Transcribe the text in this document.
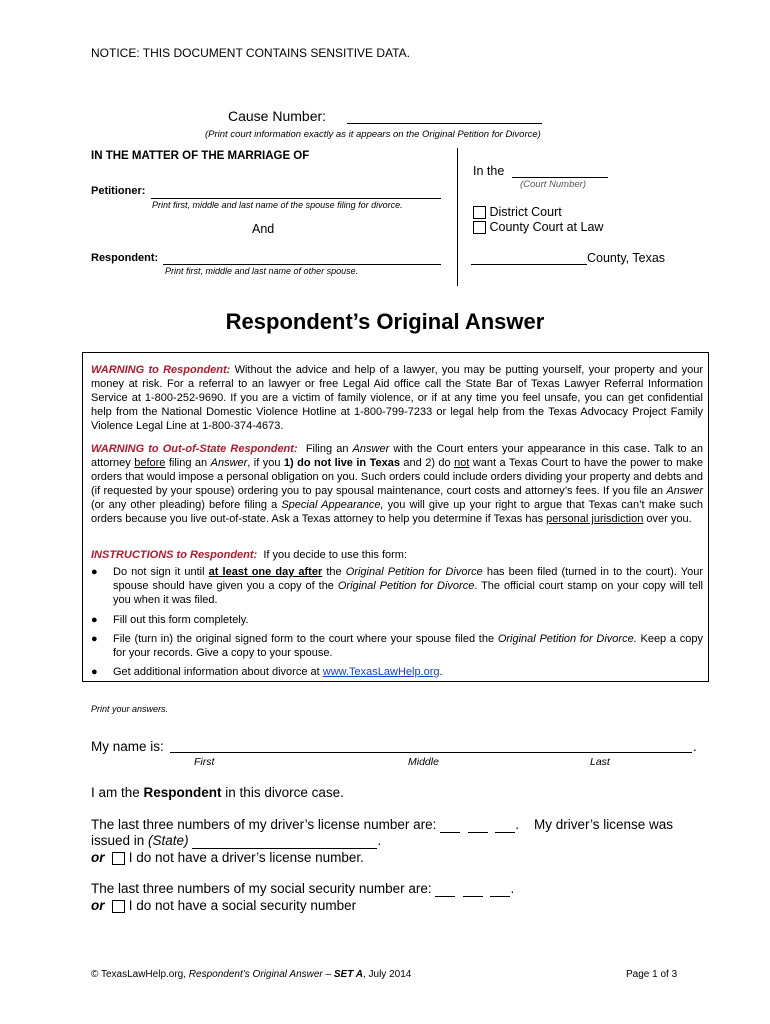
NOTICE: THIS DOCUMENT CONTAINS SENSITIVE DATA.
Cause Number:
(Print court information exactly as it appears on the Original Petition for Divorce)
IN THE MATTER OF THE MARRIAGE OF
In the
(Court Number)
District Court
County Court at Law
Petitioner:
Print first, middle and last name of the spouse filing for divorce.
And
Respondent:
Print first, middle and last name of other spouse.
County, Texas
Respondent’s Original Answer
WARNING to Respondent: Without the advice and help of a lawyer, you may be putting yourself, your property and your money at risk. For a referral to an lawyer or free Legal Aid office call the State Bar of Texas Lawyer Referral Information Service at 1-800-252-9690. If you are a victim of family violence, or if at any time you feel unsafe, you can get confidential help from the National Domestic Violence Hotline at 1-800-799-7233 or legal help from the Texas Advocacy Project Family Violence Legal Line at 1-800-374-4673.
WARNING to Out-of-State Respondent: Filing an Answer with the Court enters your appearance in this case. Talk to an attorney before filing an Answer, if you 1) do not live in Texas and 2) do not want a Texas Court to have the power to make orders that would impose a personal obligation on you. Such orders could include orders dividing your property and debts and (if requested by your spouse) ordering you to pay spousal maintenance, court costs and attorney’s fees. If you file an Answer (or any other pleading) before filing a Special Appearance, you will give up your right to argue that Texas can’t make such orders because you live out-of-state. Ask a Texas attorney to help you determine if Texas has personal jurisdiction over you.
INSTRUCTIONS to Respondent: If you decide to use this form:
● Do not sign it until at least one day after the Original Petition for Divorce has been filed (turned in to the court). Your spouse should have given you a copy of the Original Petition for Divorce. The official court stamp on your copy will tell you when it was filed.
● Fill out this form completely.
● File (turn in) the original signed form to the court where your spouse filed the Original Petition for Divorce. Keep a copy for your records. Give a copy to your spouse.
● Get additional information about divorce at www.TexasLawHelp.org.
Print your answers.
My name is:	.
First	Middle	Last
I am the Respondent in this divorce case.
The last three numbers of my driver’s license number are:	.    My driver’s license was
issued in (State)	.
or I do not have a driver’s license number.
The last three numbers of my social security number are:	.
or I do not have a social security number
© TexasLawHelp.org, Respondent’s Original Answer – SET A, July 2014	Page 1 of 3
